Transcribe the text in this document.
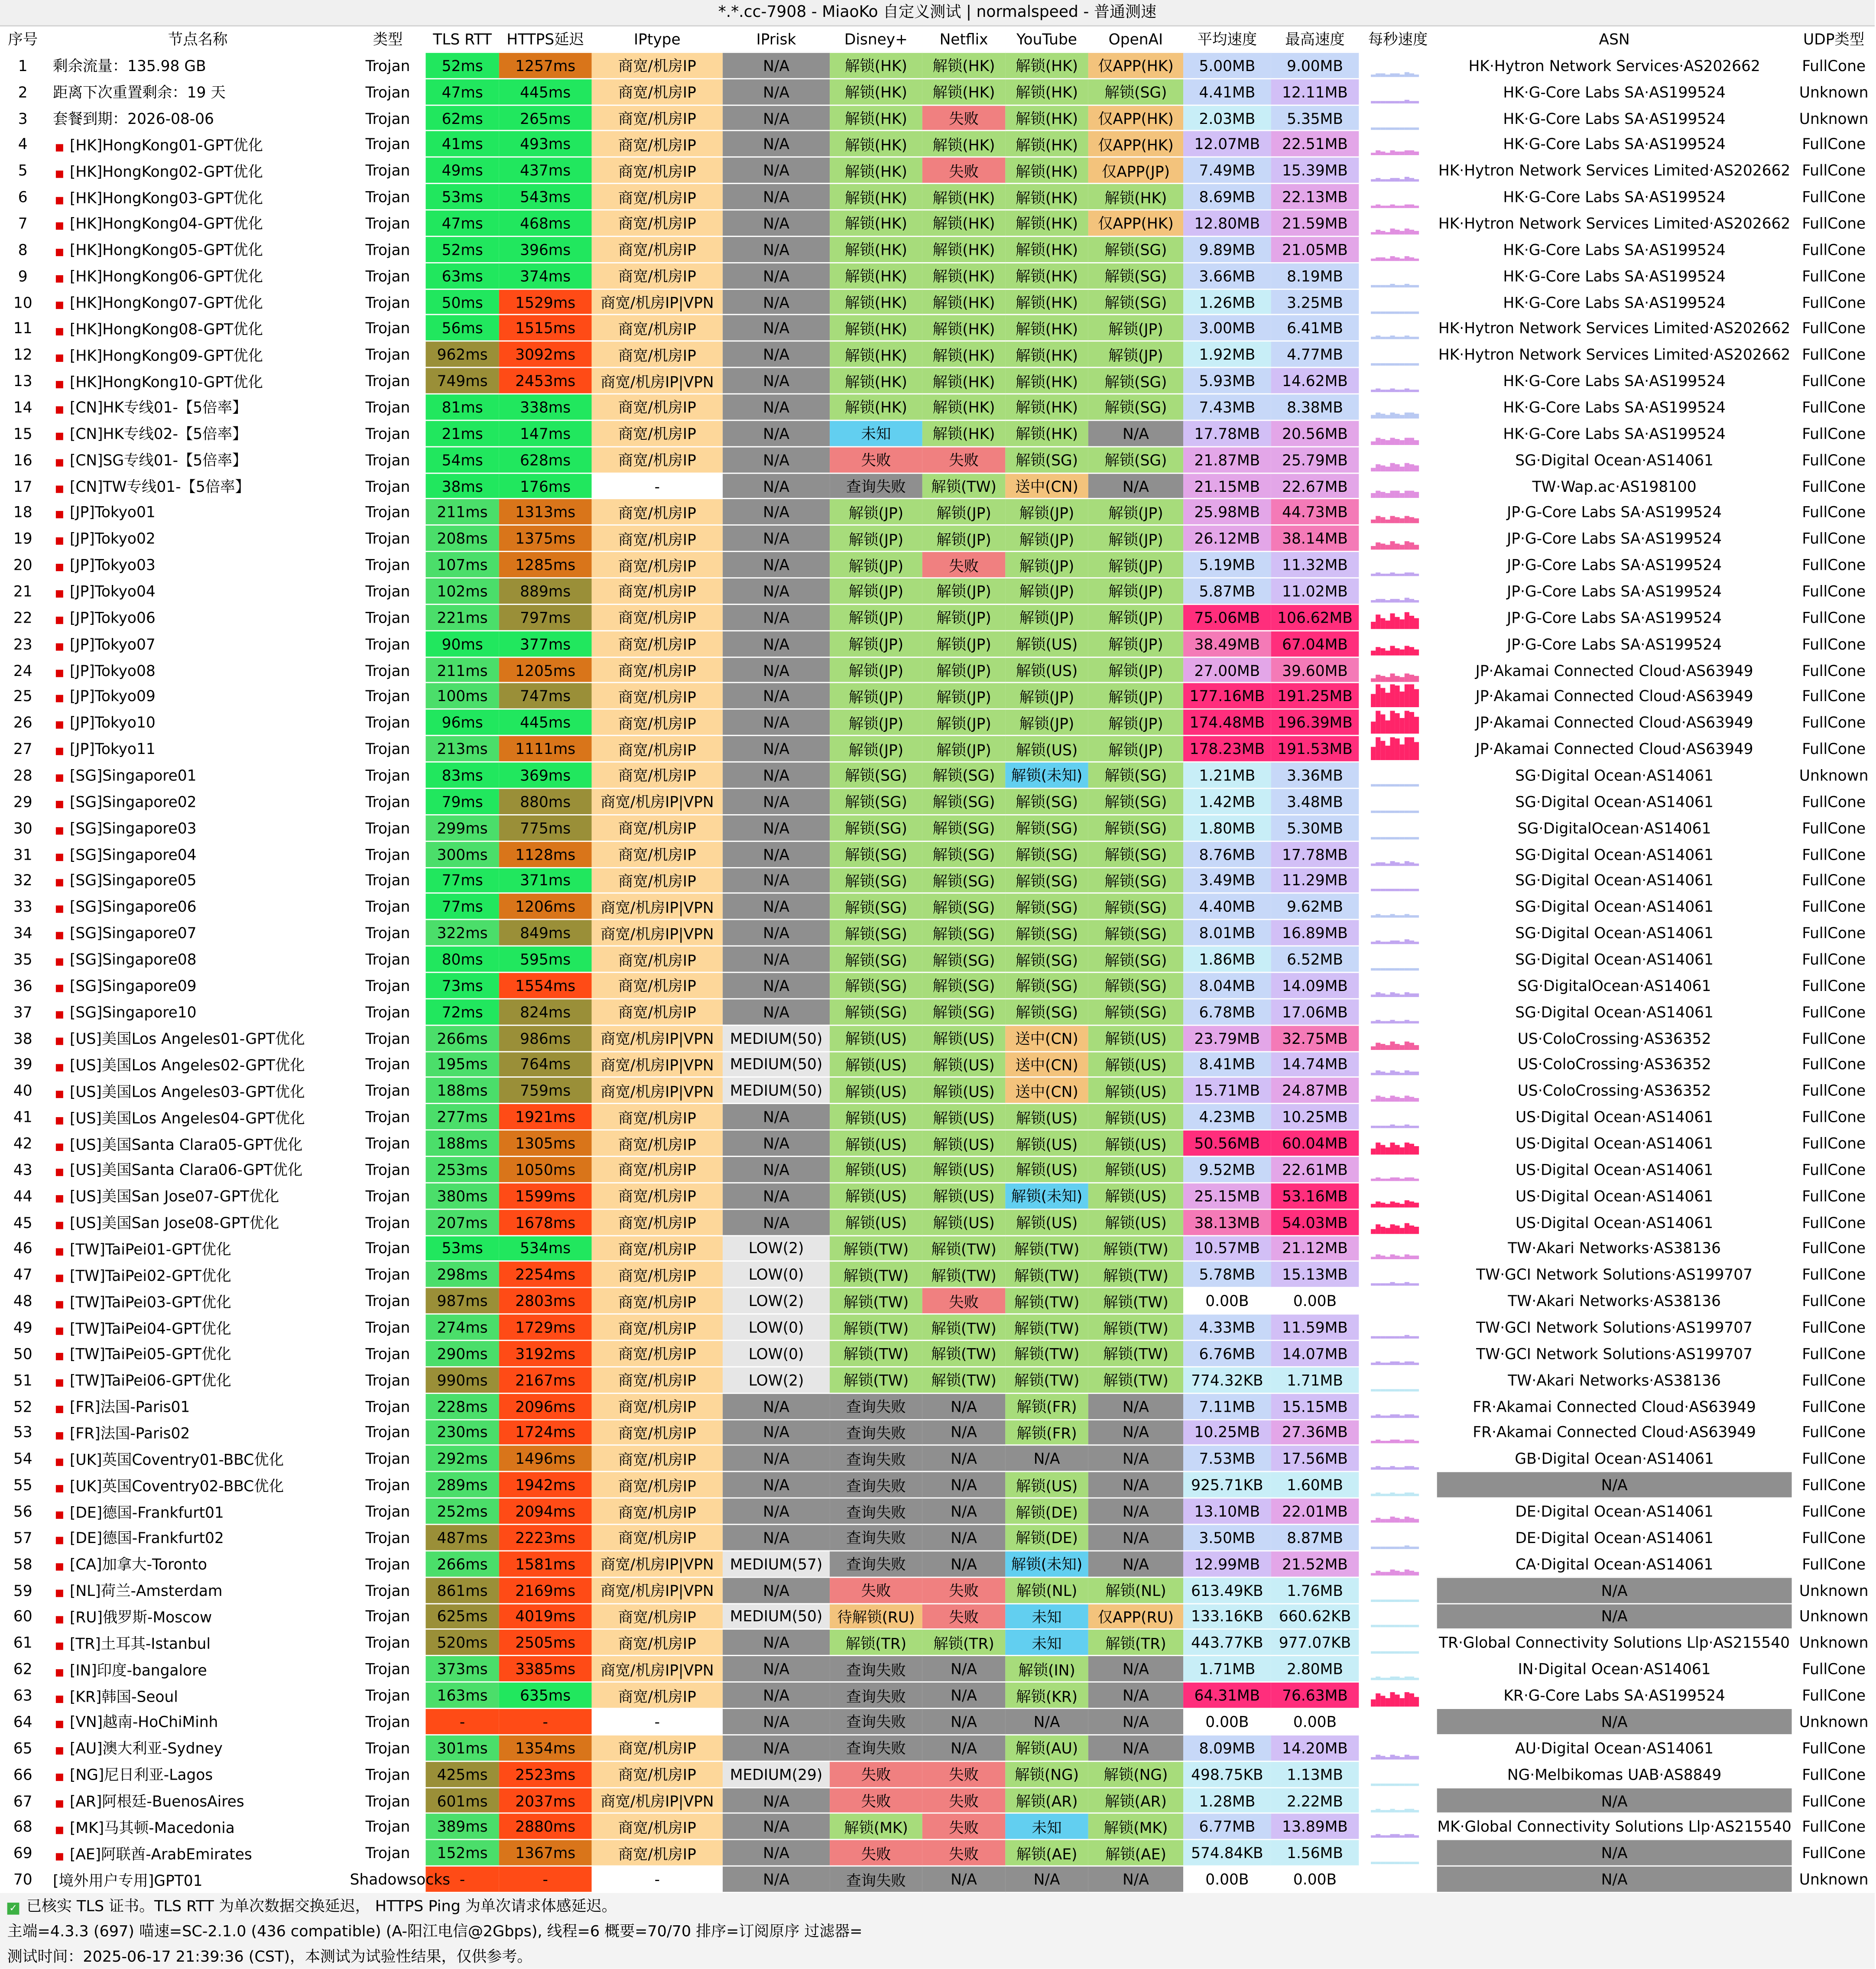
*.*.cc-7908 - MiaoKo 自定义测试 | normalspeed - 普通测速
序号	节点名称	类型	TLS RTT	HTTPS延迟	IPtype	IPrisk	Disney+	Netflix	YouTube	OpenAI	平均速度	最高速度	每秒速度	ASN	UDP类型
1	剩余流量：135.98 GB	Trojan	52ms	1257ms	商宽/机房IP	N/A	解锁(HK)	解锁(HK)	解锁(HK)	仅APP(HK)	5.00MB	9.00MB		HK·Hytron Network Services·AS202662	FullCone
2	距离下次重置剩余：19 天	Trojan	47ms	445ms	商宽/机房IP	N/A	解锁(HK)	解锁(HK)	解锁(HK)	解锁(SG)	4.41MB	12.11MB		HK·G-Core Labs SA·AS199524	Unknown
3	套餐到期：2026-08-06	Trojan	62ms	265ms	商宽/机房IP	N/A	解锁(HK)	失败	解锁(HK)	仅APP(HK)	2.03MB	5.35MB		HK·G-Core Labs SA·AS199524	Unknown
4	■ [HK]HongKong01-GPT优化	Trojan	41ms	493ms	商宽/机房IP	N/A	解锁(HK)	解锁(HK)	解锁(HK)	仅APP(HK)	12.07MB	22.51MB		HK·G-Core Labs SA·AS199524	FullCone
5	■ [HK]HongKong02-GPT优化	Trojan	49ms	437ms	商宽/机房IP	N/A	解锁(HK)	失败	解锁(HK)	仅APP(JP)	7.49MB	15.39MB		HK·Hytron Network Services Limited·AS202662	FullCone
6	■ [HK]HongKong03-GPT优化	Trojan	53ms	543ms	商宽/机房IP	N/A	解锁(HK)	解锁(HK)	解锁(HK)	解锁(HK)	8.69MB	22.13MB		HK·G-Core Labs SA·AS199524	FullCone
7	■ [HK]HongKong04-GPT优化	Trojan	47ms	468ms	商宽/机房IP	N/A	解锁(HK)	解锁(HK)	解锁(HK)	仅APP(HK)	12.80MB	21.59MB		HK·Hytron Network Services Limited·AS202662	FullCone
8	■ [HK]HongKong05-GPT优化	Trojan	52ms	396ms	商宽/机房IP	N/A	解锁(HK)	解锁(HK)	解锁(HK)	解锁(SG)	9.89MB	21.05MB		HK·G-Core Labs SA·AS199524	FullCone
9	■ [HK]HongKong06-GPT优化	Trojan	63ms	374ms	商宽/机房IP	N/A	解锁(HK)	解锁(HK)	解锁(HK)	解锁(SG)	3.66MB	8.19MB		HK·G-Core Labs SA·AS199524	FullCone
10	■ [HK]HongKong07-GPT优化	Trojan	50ms	1529ms	商宽/机房IP|VPN	N/A	解锁(HK)	解锁(HK)	解锁(HK)	解锁(SG)	1.26MB	3.25MB		HK·G-Core Labs SA·AS199524	FullCone
11	■ [HK]HongKong08-GPT优化	Trojan	56ms	1515ms	商宽/机房IP	N/A	解锁(HK)	解锁(HK)	解锁(HK)	解锁(JP)	3.00MB	6.41MB		HK·Hytron Network Services Limited·AS202662	FullCone
12	■ [HK]HongKong09-GPT优化	Trojan	962ms	3092ms	商宽/机房IP	N/A	解锁(HK)	解锁(HK)	解锁(HK)	解锁(JP)	1.92MB	4.77MB		HK·Hytron Network Services Limited·AS202662	FullCone
13	■ [HK]HongKong10-GPT优化	Trojan	749ms	2453ms	商宽/机房IP|VPN	N/A	解锁(HK)	解锁(HK)	解锁(HK)	解锁(SG)	5.93MB	14.62MB		HK·G-Core Labs SA·AS199524	FullCone
14	■ [CN]HK专线01-【5倍率】	Trojan	81ms	338ms	商宽/机房IP	N/A	解锁(HK)	解锁(HK)	解锁(HK)	解锁(SG)	7.43MB	8.38MB		HK·G-Core Labs SA·AS199524	FullCone
15	■ [CN]HK专线02-【5倍率】	Trojan	21ms	147ms	商宽/机房IP	N/A	未知	解锁(HK)	解锁(HK)	N/A	17.78MB	20.56MB		HK·G-Core Labs SA·AS199524	FullCone
16	■ [CN]SG专线01-【5倍率】	Trojan	54ms	628ms	商宽/机房IP	N/A	失败	失败	解锁(SG)	解锁(SG)	21.87MB	25.79MB		SG·Digital Ocean·AS14061	FullCone
17	■ [CN]TW专线01-【5倍率】	Trojan	38ms	176ms	-	N/A	查询失败	解锁(TW)	送中(CN)	N/A	21.15MB	22.67MB		TW·Wap.ac·AS198100	FullCone
18	■ [JP]Tokyo01	Trojan	211ms	1313ms	商宽/机房IP	N/A	解锁(JP)	解锁(JP)	解锁(JP)	解锁(JP)	25.98MB	44.73MB		JP·G-Core Labs SA·AS199524	FullCone
19	■ [JP]Tokyo02	Trojan	208ms	1375ms	商宽/机房IP	N/A	解锁(JP)	解锁(JP)	解锁(JP)	解锁(JP)	26.12MB	38.14MB		JP·G-Core Labs SA·AS199524	FullCone
20	■ [JP]Tokyo03	Trojan	107ms	1285ms	商宽/机房IP	N/A	解锁(JP)	失败	解锁(JP)	解锁(JP)	5.19MB	11.32MB		JP·G-Core Labs SA·AS199524	FullCone
21	■ [JP]Tokyo04	Trojan	102ms	889ms	商宽/机房IP	N/A	解锁(JP)	解锁(JP)	解锁(JP)	解锁(JP)	5.87MB	11.02MB		JP·G-Core Labs SA·AS199524	FullCone
22	■ [JP]Tokyo06	Trojan	221ms	797ms	商宽/机房IP	N/A	解锁(JP)	解锁(JP)	解锁(JP)	解锁(JP)	75.06MB	106.62MB		JP·G-Core Labs SA·AS199524	FullCone
23	■ [JP]Tokyo07	Trojan	90ms	377ms	商宽/机房IP	N/A	解锁(JP)	解锁(JP)	解锁(US)	解锁(JP)	38.49MB	67.04MB		JP·G-Core Labs SA·AS199524	FullCone
24	■ [JP]Tokyo08	Trojan	211ms	1205ms	商宽/机房IP	N/A	解锁(JP)	解锁(JP)	解锁(US)	解锁(JP)	27.00MB	39.60MB		JP·Akamai Connected Cloud·AS63949	FullCone
25	■ [JP]Tokyo09	Trojan	100ms	747ms	商宽/机房IP	N/A	解锁(JP)	解锁(JP)	解锁(JP)	解锁(JP)	177.16MB	191.25MB		JP·Akamai Connected Cloud·AS63949	FullCone
26	■ [JP]Tokyo10	Trojan	96ms	445ms	商宽/机房IP	N/A	解锁(JP)	解锁(JP)	解锁(JP)	解锁(JP)	174.48MB	196.39MB		JP·Akamai Connected Cloud·AS63949	FullCone
27	■ [JP]Tokyo11	Trojan	213ms	1111ms	商宽/机房IP	N/A	解锁(JP)	解锁(JP)	解锁(US)	解锁(JP)	178.23MB	191.53MB		JP·Akamai Connected Cloud·AS63949	FullCone
28	■ [SG]Singapore01	Trojan	83ms	369ms	商宽/机房IP	N/A	解锁(SG)	解锁(SG)	解锁(未知)	解锁(SG)	1.21MB	3.36MB		SG·Digital Ocean·AS14061	Unknown
29	■ [SG]Singapore02	Trojan	79ms	880ms	商宽/机房IP|VPN	N/A	解锁(SG)	解锁(SG)	解锁(SG)	解锁(SG)	1.42MB	3.48MB		SG·Digital Ocean·AS14061	FullCone
30	■ [SG]Singapore03	Trojan	299ms	775ms	商宽/机房IP	N/A	解锁(SG)	解锁(SG)	解锁(SG)	解锁(SG)	1.80MB	5.30MB		SG·DigitalOcean·AS14061	FullCone
31	■ [SG]Singapore04	Trojan	300ms	1128ms	商宽/机房IP	N/A	解锁(SG)	解锁(SG)	解锁(SG)	解锁(SG)	8.76MB	17.78MB		SG·Digital Ocean·AS14061	FullCone
32	■ [SG]Singapore05	Trojan	77ms	371ms	商宽/机房IP	N/A	解锁(SG)	解锁(SG)	解锁(SG)	解锁(SG)	3.49MB	11.29MB		SG·Digital Ocean·AS14061	FullCone
33	■ [SG]Singapore06	Trojan	77ms	1206ms	商宽/机房IP|VPN	N/A	解锁(SG)	解锁(SG)	解锁(SG)	解锁(SG)	4.40MB	9.62MB		SG·Digital Ocean·AS14061	FullCone
34	■ [SG]Singapore07	Trojan	322ms	849ms	商宽/机房IP|VPN	N/A	解锁(SG)	解锁(SG)	解锁(SG)	解锁(SG)	8.01MB	16.89MB		SG·Digital Ocean·AS14061	FullCone
35	■ [SG]Singapore08	Trojan	80ms	595ms	商宽/机房IP	N/A	解锁(SG)	解锁(SG)	解锁(SG)	解锁(SG)	1.86MB	6.52MB		SG·Digital Ocean·AS14061	FullCone
36	■ [SG]Singapore09	Trojan	73ms	1554ms	商宽/机房IP	N/A	解锁(SG)	解锁(SG)	解锁(SG)	解锁(SG)	8.04MB	14.09MB		SG·DigitalOcean·AS14061	FullCone
37	■ [SG]Singapore10	Trojan	72ms	824ms	商宽/机房IP	N/A	解锁(SG)	解锁(SG)	解锁(SG)	解锁(SG)	6.78MB	17.06MB		SG·Digital Ocean·AS14061	FullCone
38	■ [US]美国Los Angeles01-GPT优化	Trojan	266ms	986ms	商宽/机房IP|VPN	MEDIUM(50)	解锁(US)	解锁(US)	送中(CN)	解锁(US)	23.79MB	32.75MB		US·ColoCrossing·AS36352	FullCone
39	■ [US]美国Los Angeles02-GPT优化	Trojan	195ms	764ms	商宽/机房IP|VPN	MEDIUM(50)	解锁(US)	解锁(US)	送中(CN)	解锁(US)	8.41MB	14.74MB		US·ColoCrossing·AS36352	FullCone
40	■ [US]美国Los Angeles03-GPT优化	Trojan	188ms	759ms	商宽/机房IP|VPN	MEDIUM(50)	解锁(US)	解锁(US)	送中(CN)	解锁(US)	15.71MB	24.87MB		US·ColoCrossing·AS36352	FullCone
41	■ [US]美国Los Angeles04-GPT优化	Trojan	277ms	1921ms	商宽/机房IP	N/A	解锁(US)	解锁(US)	解锁(US)	解锁(US)	4.23MB	10.25MB		US·Digital Ocean·AS14061	FullCone
42	■ [US]美国Santa Clara05-GPT优化	Trojan	188ms	1305ms	商宽/机房IP	N/A	解锁(US)	解锁(US)	解锁(US)	解锁(US)	50.56MB	60.04MB		US·Digital Ocean·AS14061	FullCone
43	■ [US]美国Santa Clara06-GPT优化	Trojan	253ms	1050ms	商宽/机房IP	N/A	解锁(US)	解锁(US)	解锁(US)	解锁(US)	9.52MB	22.61MB		US·Digital Ocean·AS14061	FullCone
44	■ [US]美国San Jose07-GPT优化	Trojan	380ms	1599ms	商宽/机房IP	N/A	解锁(US)	解锁(US)	解锁(未知)	解锁(US)	25.15MB	53.16MB		US·Digital Ocean·AS14061	FullCone
45	■ [US]美国San Jose08-GPT优化	Trojan	207ms	1678ms	商宽/机房IP	N/A	解锁(US)	解锁(US)	解锁(US)	解锁(US)	38.13MB	54.03MB		US·Digital Ocean·AS14061	FullCone
46	■ [TW]TaiPei01-GPT优化	Trojan	53ms	534ms	商宽/机房IP	LOW(2)	解锁(TW)	解锁(TW)	解锁(TW)	解锁(TW)	10.57MB	21.12MB		TW·Akari Networks·AS38136	FullCone
47	■ [TW]TaiPei02-GPT优化	Trojan	298ms	2254ms	商宽/机房IP	LOW(0)	解锁(TW)	解锁(TW)	解锁(TW)	解锁(TW)	5.78MB	15.13MB		TW·GCI Network Solutions·AS199707	FullCone
48	■ [TW]TaiPei03-GPT优化	Trojan	987ms	2803ms	商宽/机房IP	LOW(2)	解锁(TW)	失败	解锁(TW)	解锁(TW)	0.00B	0.00B		TW·Akari Networks·AS38136	FullCone
49	■ [TW]TaiPei04-GPT优化	Trojan	274ms	1729ms	商宽/机房IP	LOW(0)	解锁(TW)	解锁(TW)	解锁(TW)	解锁(TW)	4.33MB	11.59MB		TW·GCI Network Solutions·AS199707	FullCone
50	■ [TW]TaiPei05-GPT优化	Trojan	290ms	3192ms	商宽/机房IP	LOW(0)	解锁(TW)	解锁(TW)	解锁(TW)	解锁(TW)	6.76MB	14.07MB		TW·GCI Network Solutions·AS199707	FullCone
51	■ [TW]TaiPei06-GPT优化	Trojan	990ms	2167ms	商宽/机房IP	LOW(2)	解锁(TW)	解锁(TW)	解锁(TW)	解锁(TW)	774.32KB	1.71MB		TW·Akari Networks·AS38136	FullCone
52	■ [FR]法国-Paris01	Trojan	228ms	2096ms	商宽/机房IP	N/A	查询失败	N/A	解锁(FR)	N/A	7.11MB	15.15MB		FR·Akamai Connected Cloud·AS63949	FullCone
53	■ [FR]法国-Paris02	Trojan	230ms	1724ms	商宽/机房IP	N/A	查询失败	N/A	解锁(FR)	N/A	10.25MB	27.36MB		FR·Akamai Connected Cloud·AS63949	FullCone
54	■ [UK]英国Coventry01-BBC优化	Trojan	292ms	1496ms	商宽/机房IP	N/A	查询失败	N/A	N/A	N/A	7.53MB	17.56MB		GB·Digital Ocean·AS14061	FullCone
55	■ [UK]英国Coventry02-BBC优化	Trojan	289ms	1942ms	商宽/机房IP	N/A	查询失败	N/A	解锁(US)	N/A	925.71KB	1.60MB		N/A	FullCone
56	■ [DE]德国-Frankfurt01	Trojan	252ms	2094ms	商宽/机房IP	N/A	查询失败	N/A	解锁(DE)	N/A	13.10MB	22.01MB		DE·Digital Ocean·AS14061	FullCone
57	■ [DE]德国-Frankfurt02	Trojan	487ms	2223ms	商宽/机房IP	N/A	查询失败	N/A	解锁(DE)	N/A	3.50MB	8.87MB		DE·Digital Ocean·AS14061	FullCone
58	■ [CA]加拿大-Toronto	Trojan	266ms	1581ms	商宽/机房IP|VPN	MEDIUM(57)	查询失败	N/A	解锁(未知)	N/A	12.99MB	21.52MB		CA·Digital Ocean·AS14061	FullCone
59	■ [NL]荷兰-Amsterdam	Trojan	861ms	2169ms	商宽/机房IP|VPN	N/A	失败	失败	解锁(NL)	解锁(NL)	613.49KB	1.76MB		N/A	Unknown
60	■ [RU]俄罗斯-Moscow	Trojan	625ms	4019ms	商宽/机房IP	MEDIUM(50)	待解锁(RU)	失败	未知	仅APP(RU)	133.16KB	660.62KB		N/A	Unknown
61	■ [TR]土耳其-Istanbul	Trojan	520ms	2505ms	商宽/机房IP	N/A	解锁(TR)	解锁(TR)	未知	解锁(TR)	443.77KB	977.07KB		TR·Global Connectivity Solutions Llp·AS215540	Unknown
62	■ [IN]印度-bangalore	Trojan	373ms	3385ms	商宽/机房IP|VPN	N/A	查询失败	N/A	解锁(IN)	N/A	1.71MB	2.80MB		IN·Digital Ocean·AS14061	FullCone
63	■ [KR]韩国-Seoul	Trojan	163ms	635ms	商宽/机房IP	N/A	查询失败	N/A	解锁(KR)	N/A	64.31MB	76.63MB		KR·G-Core Labs SA·AS199524	FullCone
64	■ [VN]越南-HoChiMinh	Trojan	-	-	-	N/A	查询失败	N/A	N/A	N/A	0.00B	0.00B		N/A	Unknown
65	■ [AU]澳大利亚-Sydney	Trojan	301ms	1354ms	商宽/机房IP	N/A	查询失败	N/A	解锁(AU)	N/A	8.09MB	14.20MB		AU·Digital Ocean·AS14061	FullCone
66	■ [NG]尼日利亚-Lagos	Trojan	425ms	2523ms	商宽/机房IP	MEDIUM(29)	失败	失败	解锁(NG)	解锁(NG)	498.75KB	1.13MB		NG·Melbikomas UAB·AS8849	FullCone
67	■ [AR]阿根廷-BuenosAires	Trojan	601ms	2037ms	商宽/机房IP|VPN	N/A	失败	失败	解锁(AR)	解锁(AR)	1.28MB	2.22MB		N/A	FullCone
68	■ [MK]马其顿-Macedonia	Trojan	389ms	2880ms	商宽/机房IP	N/A	解锁(MK)	失败	未知	解锁(MK)	6.77MB	13.89MB		MK·Global Connectivity Solutions Llp·AS215540	FullCone
69	■ [AE]阿联酋-ArabEmirates	Trojan	152ms	1367ms	商宽/机房IP	N/A	失败	失败	解锁(AE)	解锁(AE)	574.84KB	1.56MB		N/A	FullCone
70	[境外用户专用]GPT01	Shadowsocks	-	-	-	N/A	查询失败	N/A	N/A	N/A	0.00B	0.00B		N/A	Unknown
✓ 已核实 TLS 证书。TLS RTT 为单次数据交换延迟， HTTPS Ping 为单次请求体感延迟。
主端=4.3.3 (697) 喵速=SC-2.1.0 (436 compatible) (A-阳江电信@2Gbps), 线程=6 概要=70/70 排序=订阅原序 过滤器=
测试时间：2025-06-17 21:39:36 (CST)，本测试为试验性结果，仅供参考。
